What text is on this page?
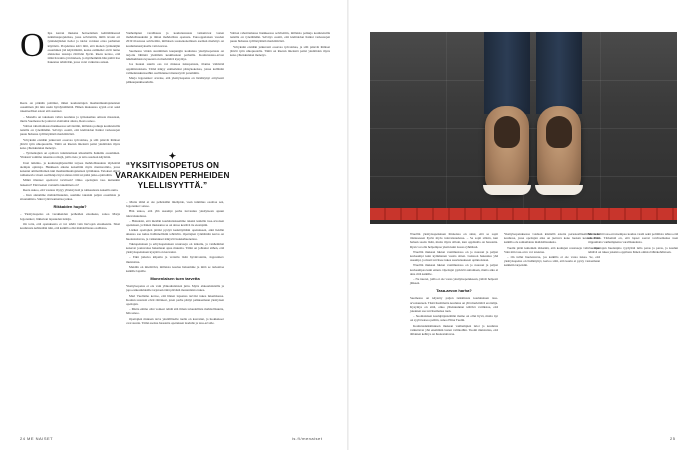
O lipa kerran mukana hoitoelaman kehittämisessä tutkimusprojektissa, jossa selvitettiin, millä tavoin eri työntekijöiden tiedot ja taidot voidaan ottaa parhaiten käyttöön. Projektissa kävi ilmi, että monen työntekijän osaaminen jää käyttämättä, koska esimiehet eivät tunne alaistensa taustoja riittävän hyvin. Reeta kertoo, että tämä havainto jäi mieleen, ja myöhemmin hän päätti itse hakeutua tehtävään, jossa voisi vaikuttaa asiaan.

Reeta on pitkään pohtinut, miksi koulutettujen maahanmuuttajanaisten osaaminen jää niin usein hyödyntämättä. Hänen mukaansa syynä ovat sekä rakenteelliset esteet että asenteet.

– Monella on takanaan vahva koulutus ja työkokemus omasta maastaan, mutta Suomessa he joutuvat aloittamat alusta, Reeta sanoo.

Valtion rahoittamassa hankkeessa selvitettiin, millaisia polkuja koulutetuilla naisilla on työelämään. Selvitys osoitti, että kielitaidon lisäksi verkostojen puute hidastaa työllistymistä merkittävästi.

Yrityksiin etsitään jatkuvasti osaavaa työvoimaa, ja silti pätevät ihmiset jäävät työn ulkopuolelle. Tämä on Reetan mielestä paitsi yksilöiden myös koko yhteiskunnan menetys.

– Työnantajien on opittava tunnistamaan ulkomailla hankittu osaaminen. Yhdessä voimme rakentaa reittejä, joilla tieto ja taito saadaan käyttöön.

Uusi tutkinto- ja koulutusjärjestelmä tarjoaa mahdollisuuksia täydentää aiempia opintoja. Hankkeen aikana kokeiltiin myös mentorointia, jossa kokenut ammattilainen tuki maahanmuuttajanaisen työnhakua. Tulokset olivat rohkaisevia: moni osallistuja löysi alansa töitä tai pääsi jatko-opintoihin.

Mitkä tilanteet opettavat tarvitaan? Onko opettajien taso kuitenkin laskenut? Entä kenen vastuulla tukeminen on?

Reeta uskoo, että vastaus löytyy yhteistyöstä ja rohkeudesta kokeilla uutta.

– Kun annamme mahdollisuuden, saamme takaisin paljon osaamista ja sitoutumista. Siksi työtä kannattaa jatkaa.

Rikkaiden hupia?

– Yksityisopetus on varakkaiden perheiden etuoikeus, sanoo Marja Jegorenkov, liikkuvan lapsuuden tutkija.

On totta, että opetuksesta ei voi tehdä vain harvojen etuoikeutta. Siksi koulutusta kehitetään niin, että kaikilla olisi mahdollisuus osallistua.

Vanhempien varallisuus ja koulutustausta vaikuttavat lasten mahdollisuuksiin ja ilman mahdollista opetusta. Eurooppalaisen vuoden 2019 tilastossa selvitettiin, millaisen sosioekonomisen aseman merkitys on koulumenestykselle vain kasvaa.

Suomessa viiden suurimman kaupungin kouluissa yksityisopetusta on tarjottu lähinnä ylemmän keskiluokan perheille. Koulutustasa-arvon näkökulmasta kyseessä on merkittävä kysymys.

Jos luokan suurin osa voi maksaa tukiopetusta, tilanne vääristää oppimistuloksia. Tämä näkyy esimerkiksi pääsykokeissa, joissa kalliisiin valmennuskursseihin osallistuneet menestyvät paremmin.

Marja Jegorenkov arvelee, että yksityisopetus on lisääntynyt erityisesti pääkaupunkiseudulla.

✦
“YKSITYISOPETUS ON VARAKKAIDEN PERHEIDEN YLELLISYYTTÄ.”

– Mutta tämä ei ole pelkästään mielipide, vaan tutkimus osoittaa sen, Jegorenkov sanoo.

Hän uskoo, että yhä useampi perhe turvautuu yksityiseen apuun tulevaisuudessa.

– Haluaisin, että meidän koululaitoksemme takaisi kaikille tasa-arvoisen opetuksen, ja hänen mukaansa se on ainoa kestävä tie eteenpäin.

Lisäksi opettajien pitäisi pystyä keskittymään opetukseen, eikä heidän aikansa saa kulua hallinnollisiin tehtäviin. Opettajien työmäärän kasvu on huolestuttavaa, ja vaikutukset näkyvät luokkahuoneissa.

Tukiopetuksen ja erityisopetuksen resursseja on leikattu, ja vanhemmat kokevat joutuvansa hakemaan apua muualta. Tämä on johtanut siihen, että yksityisopetuksen kysyntä on kasvanut.

– Eikä jatkuva kilpailu ja vertailu lisää hyvinvointia, Jegorenkov muistuttaa.

Meidän on mietittävä, millaista koulua haluamme ja mitä se tarkoittaa kaikille lapsille.

Monenlaisen tuen tarvetta

Yksityisopetus ei ole vain yläkoululaisten juttu. Myös alakoululaisille ja jopa esikoululaisille tarjotaan tänä päivänä monenlaista tukea.

Mari Vuollamo kertoo, että hänen lapsensa tarvitsi tukea lukemisessa. Koulun resurssit eivät riittäneet, joten perhe päätyi palkkaamaan yksityisen opettajan.

– Mutta emme olisi voineet tehdä sitä ilman taloudellista mahdollisuutta, hän sanoo.

Opettajien mukaan tarve yksilölliselle tuelle on kasvanut, ja luokkakoot ovat suuria. Tämä asettaa haasteita opetuksen laadulle ja tasa-arvolle.

Valtion rahoittamassa hankkeessa selvitettiin, millaisia polkuja koulutetuilla naisilla on työelämään. Selvitys osoitti, että kielitaidon lisäksi verkostojen puute hidastaa työllistymistä merkittävästi.

Yrityksiin etsitään jatkuvasti osaavaa työvoimaa, ja silti pätevät ihmiset jäävät työn ulkopuolelle. Tämä on Reetan mielestä paitsi yksilöiden myös koko yhteiskunnan menetys.

24 ME NAISET

Wuollin yksityisopetuksen hinnoissa on sinut, että se sopii tilanteeseen hyvin myös tulevaisuudessa. – Se sopii silloin, kun haluan saada lisää, mutta myös silloin, kun oppilaalla on haasteita. Ryan voi olla helpompaa yksin kuin isossa ryhmässä.

Wuollin mukaan lukion vaatimustaso on jo noussut ja paljon korkeampi kuin kymmenen vuotta sitten. Lukioon hakeutuu yhä useampi, ja moni tarvitsee tukea suoriutuakseen opinnoistaan.

Wuollin mukaan lukion vaatimustaso on jo noussut ja paljon korkeampaa kuin ennen. Opettajat pyrkivät auttamaan, mutta aika ei aina riitä kaikille.

– Ne nuoret, joilla ei ole varaa yksityisopetukseen, jäävät helposti jälkeen.

Tasa-arvon harha?

Suomessa on käytetty paljon tutkimusta koulutuksen tasa-arvoisuuteen. Tästä huolimatta koulutus on yhä merkittävä erottelija. Kysymys on siitä, onko yhteiskunnan tehtävä varmistaa, että jokainen saa tarvitsemansa tuen.

– Suomalaisen koulujärjestelmän maine on ollut hyvä, mutta nyt on syytä katsoa peiliin, sanoo Elina Tuomi.

Koulutustutkimuksen mukaan vanhempien tulot ja koulutus vaikuttavat yhä enemmän lasten valintoihin. Tuomi muistuttaa, että tällainen kehitys on huolestuttavaa.

Yksityisopetuksessa voidaan käsitellä asioita perusteellisemmin kuin koulussa, jossa opettajan aika on jaettava koko luokan kesken. Eikä kaikilla ole samanlaisia mahdollisuuksia.

Tuomi pitää kuitenkin tärkeänä, että koulujen resursseja vahvistetaan. Vain niin tasa-arvo voi toteutua.

– On tullut huolestavaa, jos kaikilla ei ole varaa tukea. Se, että yksityisopetus on lisääntynyt, kertoo siitä, että koulu ei pysty vastaamaan kaikkiin tarpeisiin.

Matka kohti tasa-arvoisempaa koulua vaatii sekä poliittista tahtoa että rahoitusta. Tärkeintä on, että lapset saavat tarvitsemansa tuen riippumatta vanhempiensa varallisuudesta.

– Opettajan huolenpito tyydyttää tulla paras ja paras, ja koulun tehtävä on tukea jokaista oppilasta hänen omista lähtökohdistaan.

is.fi/menaiset	25
